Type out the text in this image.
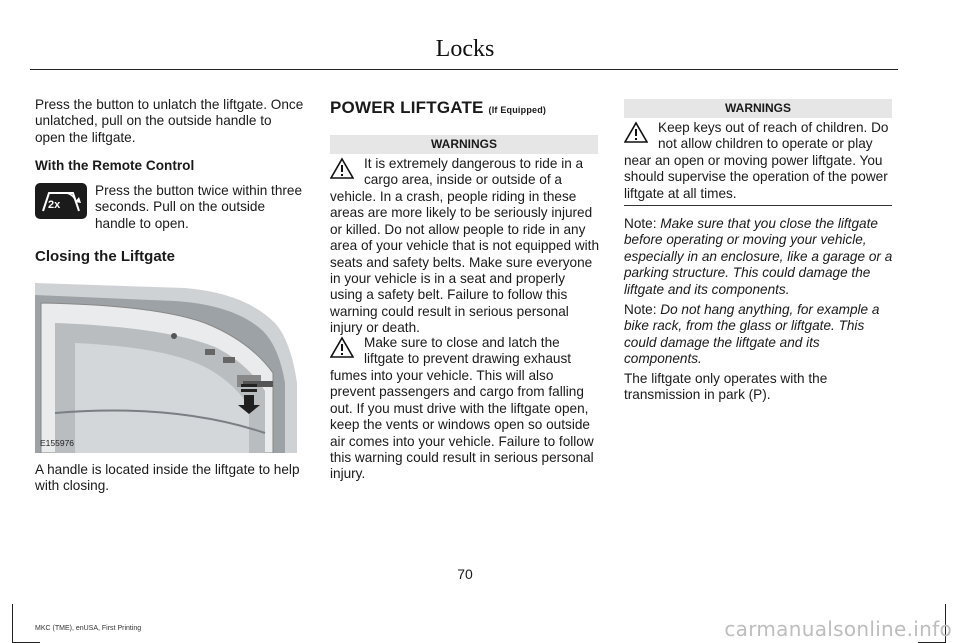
Locks

Press the button to unlatch the liftgate. Once unlatched, pull on the outside handle to open the liftgate.

With the Remote Control

Press the button twice within three seconds. Pull on the outside handle to open.

Closing the Liftgate

A handle is located inside the liftgate to help with closing.

2x
E155976

POWER LIFTGATE (If Equipped)

WARNINGS

It is extremely dangerous to ride in a cargo area, inside or outside of a

vehicle. In a crash, people riding in these areas are more likely to be seriously injured or killed. Do not allow people to ride in any area of your vehicle that is not equipped with seats and safety belts. Make sure everyone in your vehicle is in a seat and properly using a safety belt. Failure to follow this warning could result in serious personal injury or death.

Make sure to close and latch the liftgate to prevent drawing exhaust

fumes into your vehicle. This will also prevent passengers and cargo from falling out. If you must drive with the liftgate open, keep the vents or windows open so outside air comes into your vehicle. Failure to follow this warning could result in serious personal injury.

WARNINGS

Keep keys out of reach of children. Do not allow children to operate or play

near an open or moving power liftgate. You should supervise the operation of the power liftgate at all times.

Note: Make sure that you close the liftgate before operating or moving your vehicle, especially in an enclosure, like a garage or a parking structure. This could damage the liftgate and its components.

Note: Do not hang anything, for example a bike rack, from the glass or liftgate. This could damage the liftgate and its components.

The liftgate only operates with the transmission in park (P).

70
MKC (TME), enUSA, First Printing	carmanualsonline.info
